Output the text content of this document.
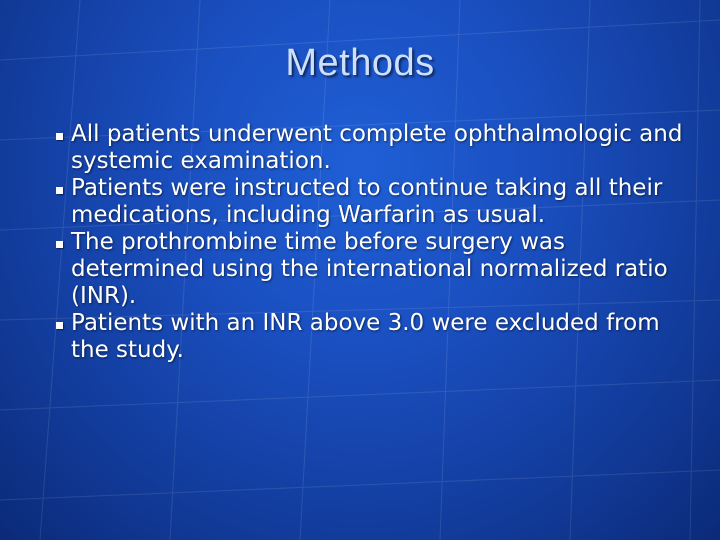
Methods
All patients underwent complete ophthalmologic and systemic examination.
Patients were instructed to continue taking all their medications, including Warfarin as usual.
The prothrombine time before surgery was determined using the international normalized ratio (INR).
Patients with an INR above 3.0 were excluded from the study.
